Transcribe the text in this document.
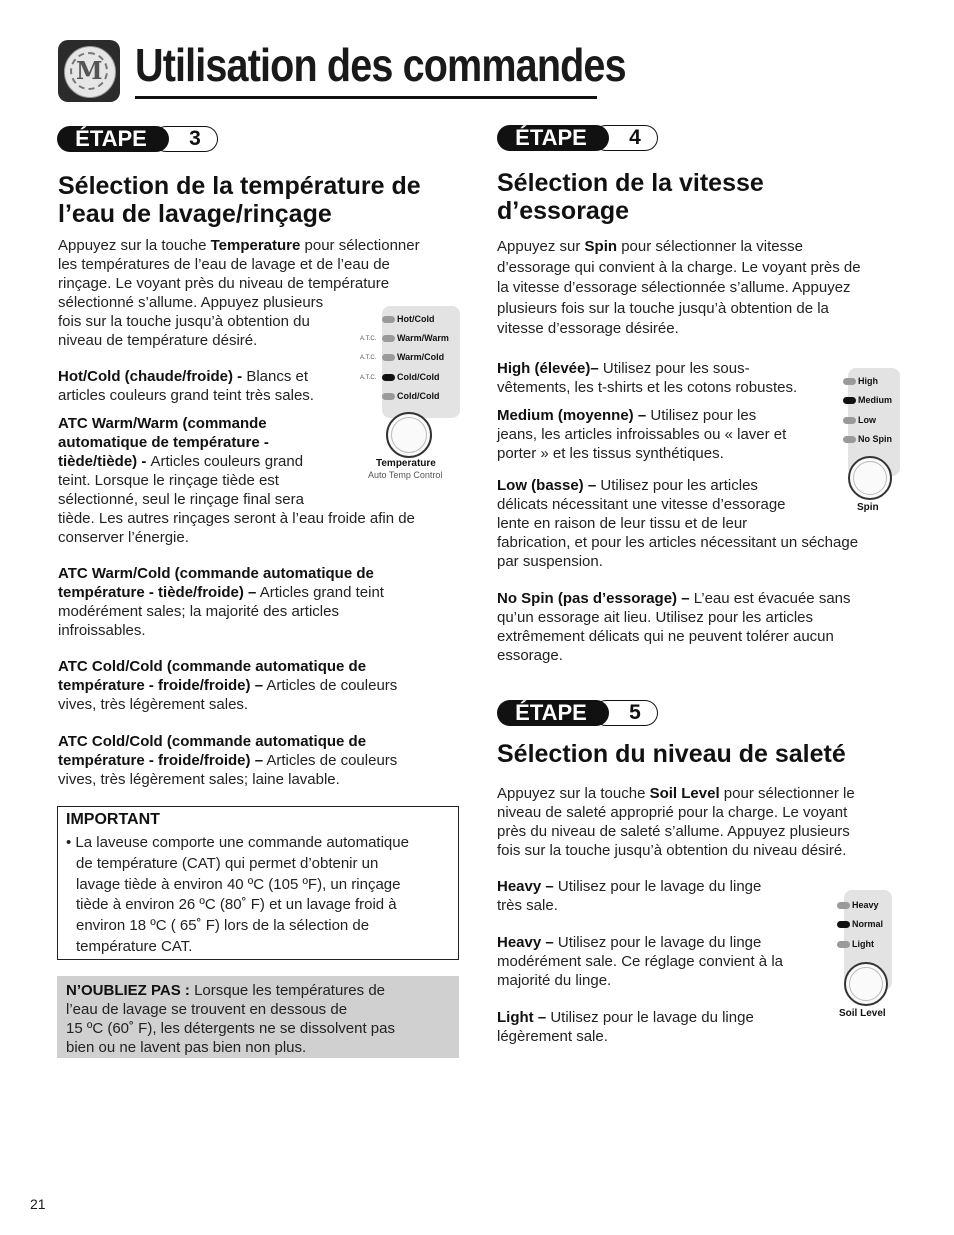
M Utilisation des commandes
ÉTAPE	3
Sélection de la température de
l’eau de lavage/rinçage
Appuyez sur la touche Temperature pour sélectionner
les températures de l’eau de lavage et de l’eau de
rinçage. Le voyant près du niveau de température
sélectionné s’allume. Appuyez plusieurs
fois sur la touche jusqu’à obtention du
niveau de température désiré.
Hot/Cold (chaude/froide) - Blancs et
articles couleurs grand teint très sales.
ATC Warm/Warm (commande
automatique de température -
tiède/tiède) - Articles couleurs grand
teint. Lorsque le rinçage tiède est
sélectionné, seul le rinçage final sera
tiède. Les autres rinçages seront à l’eau froide afin de
conserver l’énergie.
ATC Warm/Cold (commande automatique de
température - tiède/froide) – Articles grand teint
modérément sales; la majorité des articles
infroissables.
ATC Cold/Cold (commande automatique de
température - froide/froide) – Articles de couleurs
vives, très légèrement sales.
ATC Cold/Cold (commande automatique de
température - froide/froide) – Articles de couleurs
vives, très légèrement sales; laine lavable.
Hot/Cold
A.T.C. Warm/Warm
A.T.C. Warm/Cold
A.T.C. Cold/Cold
Cold/Cold
Temperature
Auto Temp Control
IMPORTANT
• La laveuse comporte une commande automatique
de température (CAT) qui permet d’obtenir un
lavage tiède à environ 40 ºC (105 ºF), un rinçage
tiède à environ 26 ºC (80˚ F) et un lavage froid à
environ 18 ºC ( 65˚ F) lors de la sélection de
température CAT.
N’OUBLIEZ PAS : Lorsque les températures de
l’eau de lavage se trouvent en dessous de
15 ºC (60˚ F), les détergents ne se dissolvent pas
bien ou ne lavent pas bien non plus.
ÉTAPE	4
Sélection de la vitesse
d’essorage
Appuyez sur Spin pour sélectionner la vitesse
d’essorage qui convient à la charge. Le voyant près de
la vitesse d’essorage sélectionnée s’allume. Appuyez
plusieurs fois sur la touche jusqu’à obtention de la
vitesse d’essorage désirée.
High (élevée)– Utilisez pour les sous-
vêtements, les t-shirts et les cotons robustes.
Medium (moyenne) – Utilisez pour les
jeans, les articles infroissables ou « laver et
porter » et les tissus synthétiques.
Low (basse) – Utilisez pour les articles
délicats nécessitant une vitesse d’essorage
lente en raison de leur tissu et de leur
fabrication, et pour les articles nécessitant un séchage
par suspension.
No Spin (pas d’essorage) – L’eau est évacuée sans
qu’un essorage ait lieu. Utilisez pour les articles
extrêmement délicats qui ne peuvent tolérer aucun
essorage.
High
Medium
Low
No Spin
Spin
ÉTAPE	5
Sélection du niveau de saleté
Appuyez sur la touche Soil Level pour sélectionner le
niveau de saleté approprié pour la charge. Le voyant
près du niveau de saleté s’allume. Appuyez plusieurs
fois sur la touche jusqu’à obtention du niveau désiré.
Heavy – Utilisez pour le lavage du linge
très sale.
Heavy – Utilisez pour le lavage du linge
modérément sale. Ce réglage convient à la
majorité du linge.
Light – Utilisez pour le lavage du linge
légèrement sale.
Heavy
Normal
Light
Soil Level
21
